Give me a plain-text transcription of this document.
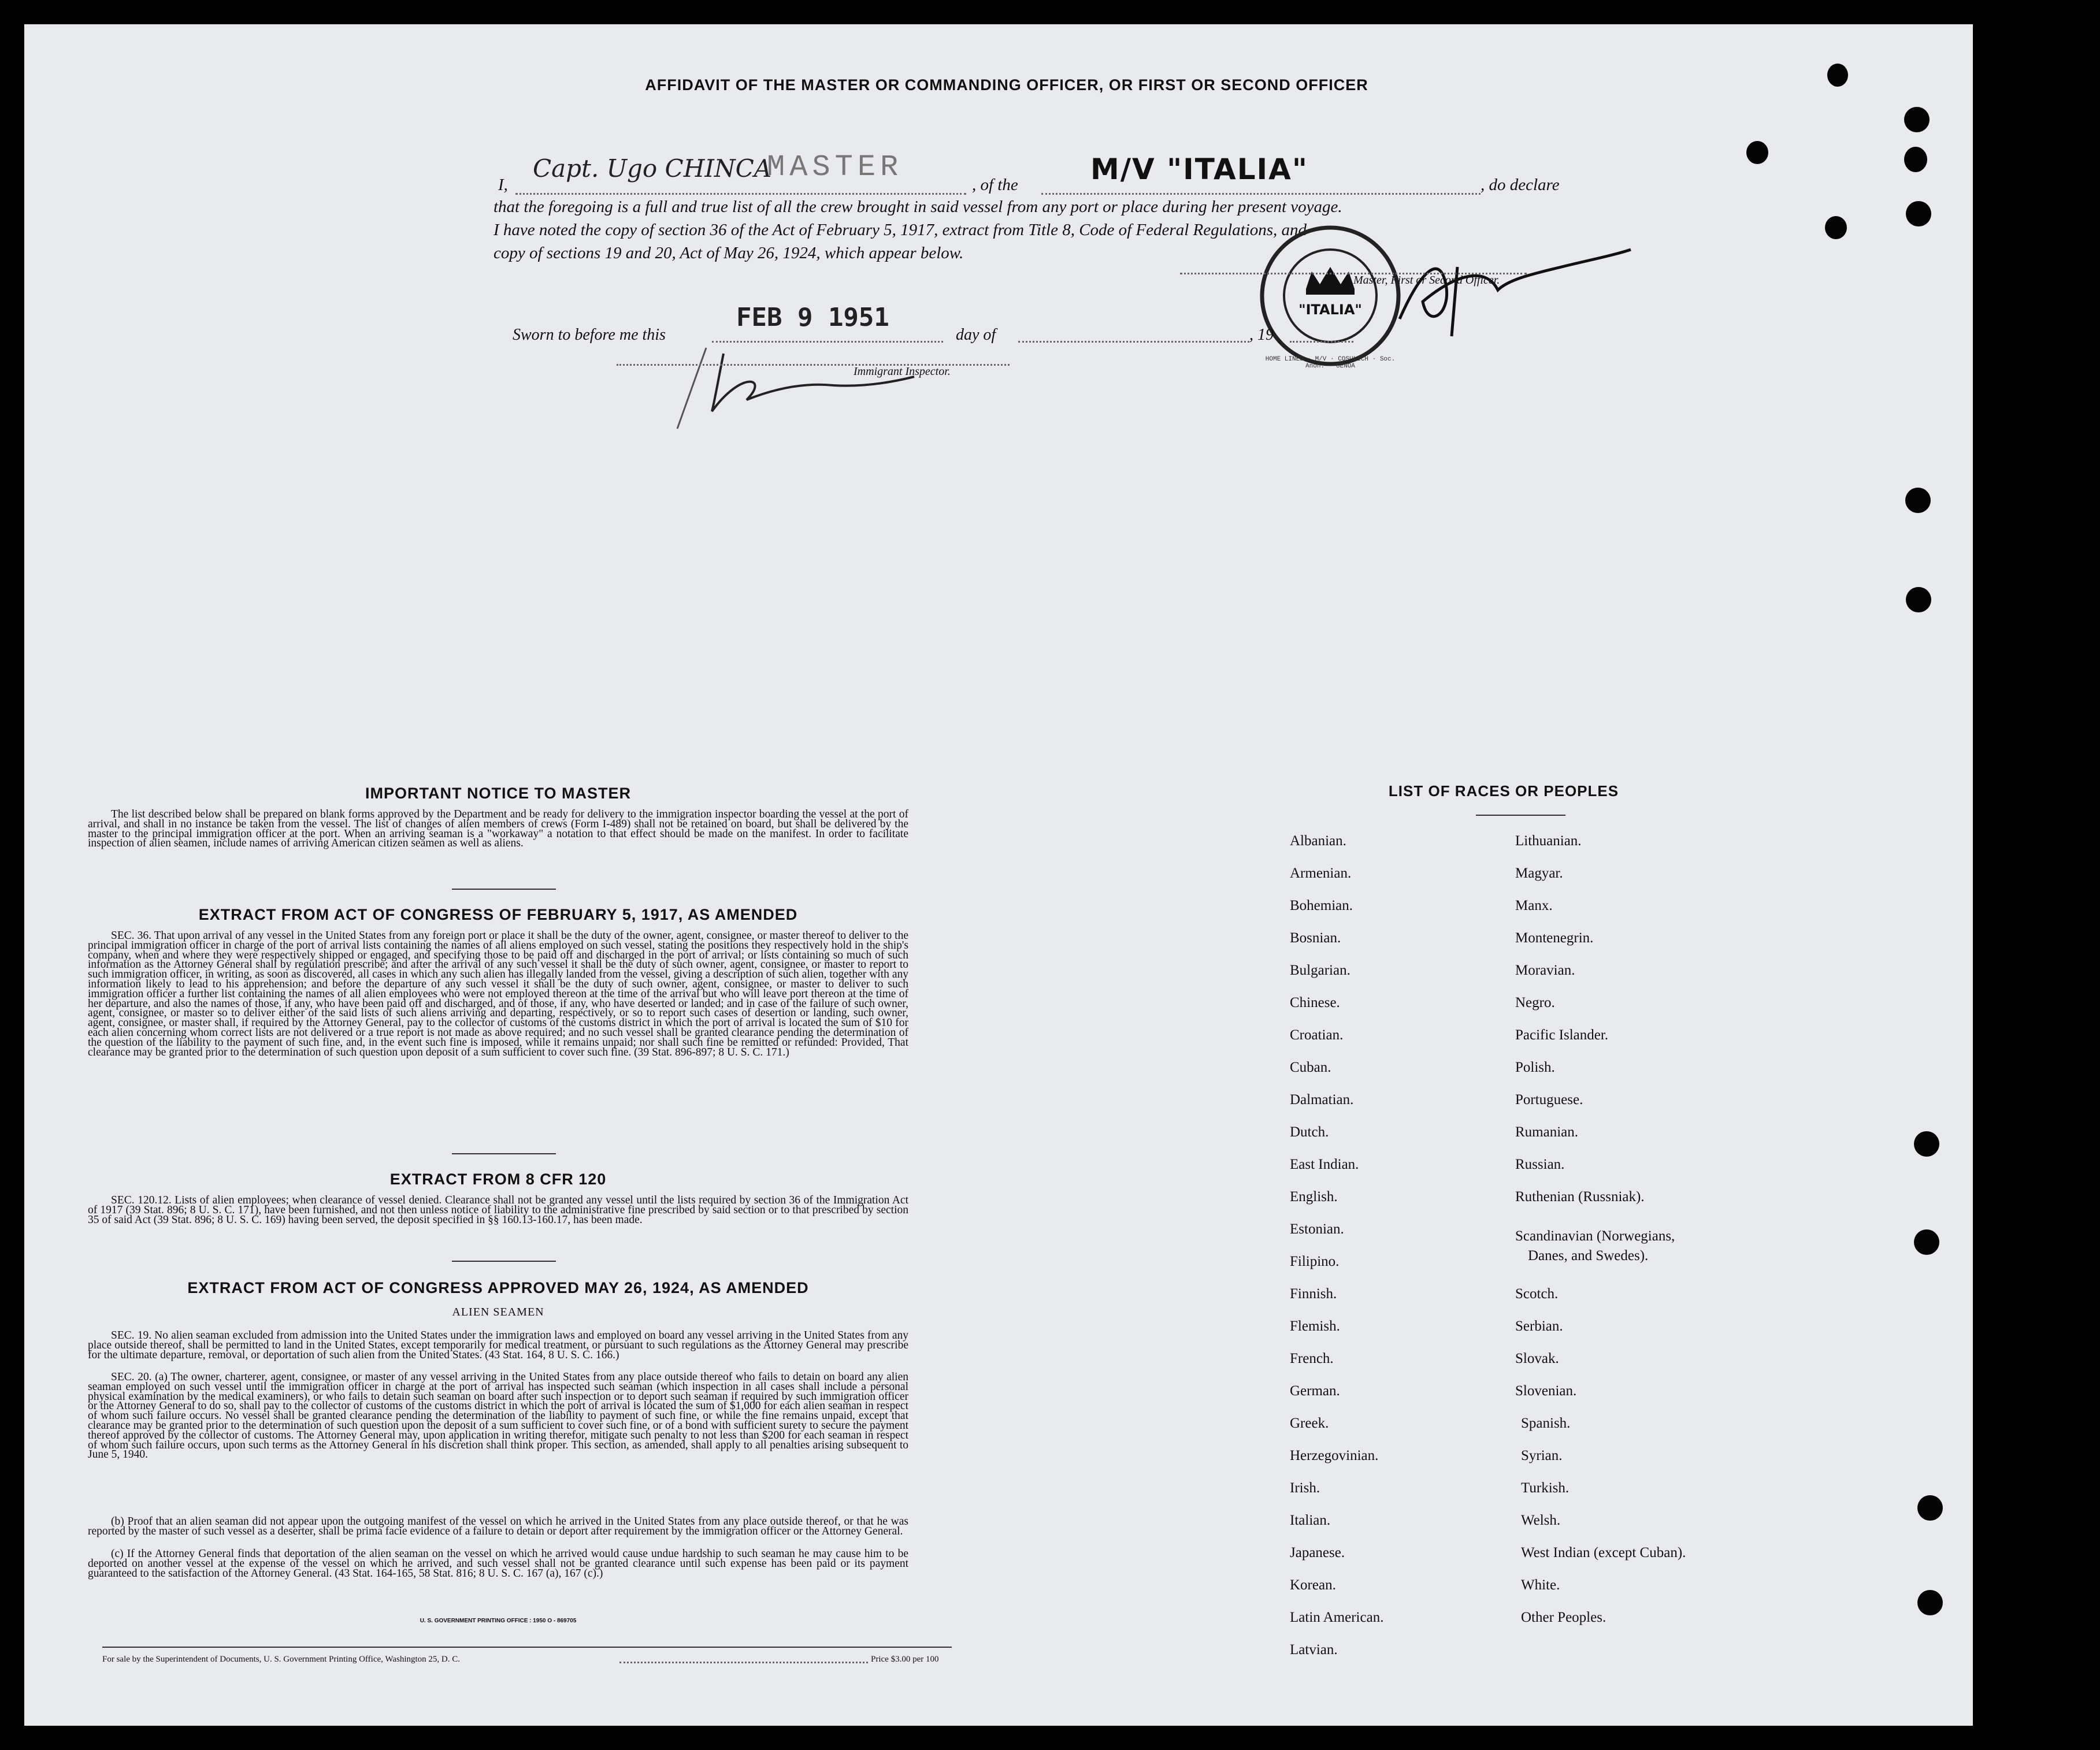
AFFIDAVIT OF THE MASTER OR COMMANDING OFFICER, OR FIRST OR SECOND OFFICER
I,
Capt. Ugo CHINCA
MASTER
, of the	M/V "ITALIA"	, do declare
that the foregoing is a full and true list of all the crew brought in said vessel from any port or place during her present voyage.
I have noted the copy of section 36 of the Act of February 5, 1917, extract from Title 8, Code of Federal Regulations, and
copy of sections 19 and 20, Act of May 26, 1924, which appear below.
HOME LINES · M/V · COSULICH · Soc. Anon. · GENOA
"ITALIA"
Master, First or Second Officer.
Sworn to before me this
FEB 9 1951
day of	, 19
Immigrant Inspector.
IMPORTANT NOTICE TO MASTER
The list described below shall be prepared on blank forms approved by the Department and be ready for delivery to the immigration inspector boarding the vessel at the port of arrival, and shall in no instance be taken from the vessel. The list of changes of alien members of crews (Form I-489) shall not be retained on board, but shall be delivered by the master to the principal immigration officer at the port. When an arriving seaman is a "workaway" a notation to that effect should be made on the manifest. In order to facilitate inspection of alien seamen, include names of arriving American citizen seamen as well as aliens.
EXTRACT FROM ACT OF CONGRESS OF FEBRUARY 5, 1917, AS AMENDED
SEC. 36. That upon arrival of any vessel in the United States from any foreign port or place it shall be the duty of the owner, agent, consignee, or master thereof to deliver to the principal immigration officer in charge of the port of arrival lists containing the names of all aliens employed on such vessel, stating the positions they respectively hold in the ship's company, when and where they were respectively shipped or engaged, and specifying those to be paid off and discharged in the port of arrival; or lists containing so much of such information as the Attorney General shall by regulation prescribe; and after the arrival of any such vessel it shall be the duty of such owner, agent, consignee, or master to report to such immigration officer, in writing, as soon as discovered, all cases in which any such alien has illegally landed from the vessel, giving a description of such alien, together with any information likely to lead to his apprehension; and before the departure of any such vessel it shall be the duty of such owner, agent, consignee, or master to deliver to such immigration officer a further list containing the names of all alien employees who were not employed thereon at the time of the arrival but who will leave port thereon at the time of her departure, and also the names of those, if any, who have been paid off and discharged, and of those, if any, who have deserted or landed; and in case of the failure of such owner, agent, consignee, or master so to deliver either of the said lists of such aliens arriving and departing, respectively, or so to report such cases of desertion or landing, such owner, agent, consignee, or master shall, if required by the Attorney General, pay to the collector of customs of the customs district in which the port of arrival is located the sum of $10 for each alien concerning whom correct lists are not delivered or a true report is not made as above required; and no such vessel shall be granted clearance pending the determination of the question of the liability to the payment of such fine, and, in the event such fine is imposed, while it remains unpaid; nor shall such fine be remitted or refunded: Provided, That clearance may be granted prior to the determination of such question upon deposit of a sum sufficient to cover such fine. (39 Stat. 896-897; 8 U. S. C. 171.)
EXTRACT FROM 8 CFR 120
SEC. 120.12. Lists of alien employees; when clearance of vessel denied. Clearance shall not be granted any vessel until the lists required by section 36 of the Immigration Act of 1917 (39 Stat. 896; 8 U. S. C. 171), have been furnished, and not then unless notice of liability to the administrative fine prescribed by said section or to that prescribed by section 35 of said Act (39 Stat. 896; 8 U. S. C. 169) having been served, the deposit specified in §§ 160.13-160.17, has been made.
EXTRACT FROM ACT OF CONGRESS APPROVED MAY 26, 1924, AS AMENDED
ALIEN SEAMEN
SEC. 19. No alien seaman excluded from admission into the United States under the immigration laws and employed on board any vessel arriving in the United States from any place outside thereof, shall be permitted to land in the United States, except temporarily for medical treatment, or pursuant to such regulations as the Attorney General may prescribe for the ultimate departure, removal, or deportation of such alien from the United States. (43 Stat. 164, 8 U. S. C. 166.)
SEC. 20. (a) The owner, charterer, agent, consignee, or master of any vessel arriving in the United States from any place outside thereof who fails to detain on board any alien seaman employed on such vessel until the immigration officer in charge at the port of arrival has inspected such seaman (which inspection in all cases shall include a personal physical examination by the medical examiners), or who fails to detain such seaman on board after such inspection or to deport such seaman if required by such immigration officer or the Attorney General to do so, shall pay to the collector of customs of the customs district in which the port of arrival is located the sum of $1,000 for each alien seaman in respect of whom such failure occurs. No vessel shall be granted clearance pending the determination of the liability to payment of such fine, or while the fine remains unpaid, except that clearance may be granted prior to the determination of such question upon the deposit of a sum sufficient to cover such fine, or of a bond with sufficient surety to secure the payment thereof approved by the collector of customs. The Attorney General may, upon application in writing therefor, mitigate such penalty to not less than $200 for each seaman in respect of whom such failure occurs, upon such terms as the Attorney General in his discretion shall think proper. This section, as amended, shall apply to all penalties arising subsequent to June 5, 1940.
(b) Proof that an alien seaman did not appear upon the outgoing manifest of the vessel on which he arrived in the United States from any place outside thereof, or that he was reported by the master of such vessel as a deserter, shall be prima facie evidence of a failure to detain or deport after requirement by the immigration officer or the Attorney General.
(c) If the Attorney General finds that deportation of the alien seaman on the vessel on which he arrived would cause undue hardship to such seaman he may cause him to be deported on another vessel at the expense of the vessel on which he arrived, and such vessel shall not be granted clearance until such expense has been paid or its payment guaranteed to the satisfaction of the Attorney General. (43 Stat. 164-165, 58 Stat. 816; 8 U. S. C. 167 (a), 167 (c).)
U. S. GOVERNMENT PRINTING OFFICE : 1950 O - 869705
For sale by the Superintendent of Documents, U. S. Government Printing Office, Washington 25, D. C.	Price $3.00 per 100
LIST OF RACES OR PEOPLES
Albanian.
Armenian.
Bohemian.
Bosnian.
Bulgarian.
Chinese.
Croatian.
Cuban.
Dalmatian.
Dutch.
East Indian.
English.
Estonian.
Filipino.
Finnish.
Flemish.
French.
German.
Greek.
Herzegovinian.
Irish.
Italian.
Japanese.
Korean.
Latin American.
Latvian.
Lithuanian.
Magyar.
Manx.
Montenegrin.
Moravian.
Negro.
Pacific Islander.
Polish.
Portuguese.
Rumanian.
Russian.
Ruthenian (Russniak).
Scandinavian (Norwegians,
Danes, and Swedes).
Scotch.
Serbian.
Slovak.
Slovenian.
Spanish.
Syrian.
Turkish.
Welsh.
West Indian (except Cuban).
White.
Other Peoples.
